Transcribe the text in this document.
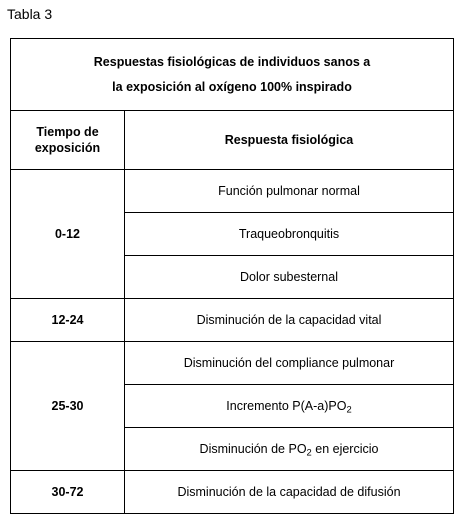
Tabla 3
Respuestas fisiológicas de individuos sanos a
la exposición al oxígeno 100% inspirado	

Tiempo de
exposición	Respuesta fisiológica
0-12	Función pulmonar normal
	Traqueobronquitis
	Dolor subesternal
12-24	Disminución de la capacidad vital
25-30	Disminución del compliance pulmonar
	Incremento $P(A-a)PO_2$
	Disminución de $PO_2$ en ejercicio
30-72	Disminución de la capacidad de difusión
